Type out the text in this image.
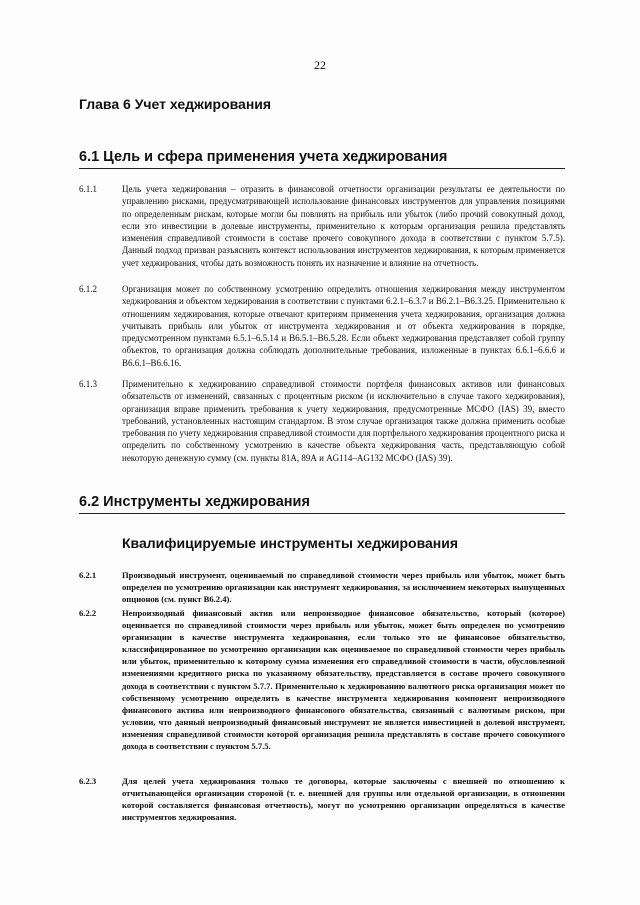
22
Глава 6 Учет хеджирования
6.1 Цель и сфера применения учета хеджирования
6.1.1	Цель учета хеджирования – отразить в финансовой отчетности организации результаты ее деятельности по управлению рисками, предусматривающей использование финансовых инструментов для управления позициями по определенным рискам, которые могли бы повлиять на прибыль или убыток (либо прочий совокупный доход, если это инвестиции в долевые инструменты, применительно к которым организация решила представлять изменения справедливой стоимости в составе прочего совокупного дохода в соответствии с пунктом 5.7.5). Данный подход призван разъяснить контекст использования инструментов хеджирования, к которым применяется учет хеджирования, чтобы дать возможность понять их назначение и влияние на отчетность.
6.1.2	Организация может по собственному усмотрению определить отношения хеджирования между инструментом хеджирования и объектом хеджирования в соответствии с пунктами 6.2.1–6.3.7 и B6.2.1–B6.3.25. Применительно к отношениям хеджирования, которые отвечают критериям применения учета хеджирования, организация должна учитывать прибыль или убыток от инструмента хеджирования и от объекта хеджирования в порядке, предусмотренном пунктами 6.5.1–6.5.14 и B6.5.1–B6.5.28. Если объект хеджирования представляет собой группу объектов, то организация должна соблюдать дополнительные требования, изложенные в пунктах 6.6.1–6.6.6 и B6.6.1–B6.6.16.
6.1.3	Применительно к хеджированию справедливой стоимости портфеля финансовых активов или финансовых обязательств от изменений, связанных с процентным риском (и исключительно в случае такого хеджирования), организация вправе применить требования к учету хеджирования, предусмотренные МСФО (IAS) 39, вместо требований, установленных настоящим стандартом. В этом случае организация также должна применить особые требования по учету хеджирования справедливой стоимости для портфельного хеджирования процентного риска и определить по собственному усмотрению в качестве объекта хеджирования часть, представляющую собой некоторую денежную сумму (см. пункты 81А, 89А и AG114–AG132 МСФО (IAS) 39).
6.2 Инструменты хеджирования
Квалифицируемые инструменты хеджирования
6.2.1	Производный инструмент, оцениваемый по справедливой стоимости через прибыль или убыток, может быть определен по усмотрению организации как инструмент хеджирования, за исключением некоторых выпущенных опционов (см. пункт B6.2.4).
6.2.2	Непроизводный финансовый актив или непроизводное финансовое обязательство, который (которое) оценивается по справедливой стоимости через прибыль или убыток, может быть определен по усмотрению организации в качестве инструмента хеджирования, если только это не финансовое обязательство, классифицированное по усмотрению организации как оцениваемое по справедливой стоимости через прибыль или убыток, применительно к которому сумма изменения его справедливой стоимости в части, обусловленной изменениями кредитного риска по указанному обязательству, представляется в составе прочего совокупного дохода в соответствии с пунктом 5.7.7. Применительно к хеджированию валютного риска организация может по собственному усмотрению определить в качестве инструмента хеджирования компонент непроизводного финансового актива или непроизводного финансового обязательства, связанный с валютным риском, при условии, что данный непроизводный финансовый инструмент не является инвестицией в долевой инструмент, изменения справедливой стоимости которой организация решила представлять в составе прочего совокупного дохода в соответствии с пунктом 5.7.5.
6.2.3	Для целей учета хеджирования только те договоры, которые заключены с внешней по отношению к отчитывающейся организации стороной (т. е. внешней для группы или отдельной организации, в отношении которой составляется финансовая отчетность), могут по усмотрению организации определяться в качестве инструментов хеджирования.
